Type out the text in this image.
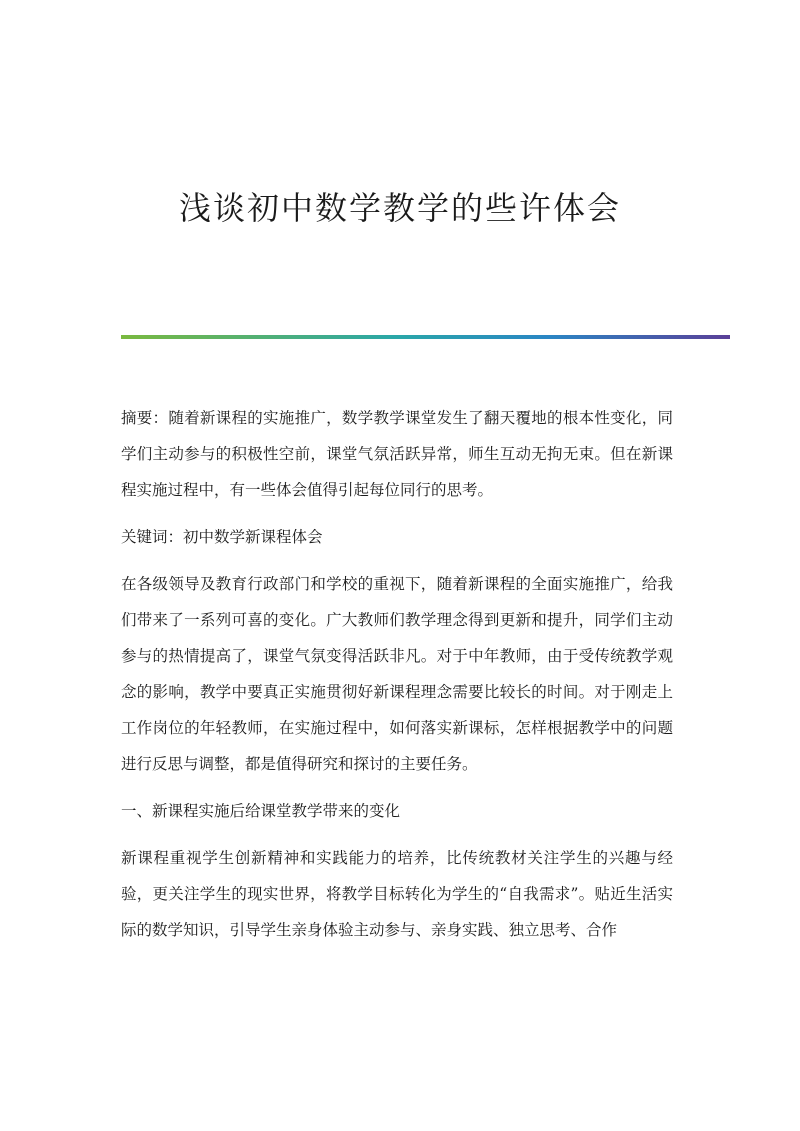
浅谈初中数学教学的些许体会

摘要：随着新课程的实施推广，数学教学课堂发生了翻天覆地的根本性变化，同学们主动参与的积极性空前，课堂气氛活跃异常，师生互动无拘无束。但在新课程实施过程中，有一些体会值得引起每位同行的思考。

关键词：初中数学新课程体会

在各级领导及教育行政部门和学校的重视下，随着新课程的全面实施推广，给我们带来了一系列可喜的变化。广大教师们教学理念得到更新和提升，同学们主动参与的热情提高了，课堂气氛变得活跃非凡。对于中年教师，由于受传统教学观念的影响，教学中要真正实施贯彻好新课程理念需要比较长的时间。对于刚走上工作岗位的年轻教师，在实施过程中，如何落实新课标，怎样根据教学中的问题进行反思与调整，都是值得研究和探讨的主要任务。

一、新课程实施后给课堂教学带来的变化

新课程重视学生创新精神和实践能力的培养，比传统教材关注学生的兴趣与经验，更关注学生的现实世界，将教学目标转化为学生的“自我需求”。贴近生活实际的数学知识，引导学生亲身体验主动参与、亲身实践、独立思考、合作
